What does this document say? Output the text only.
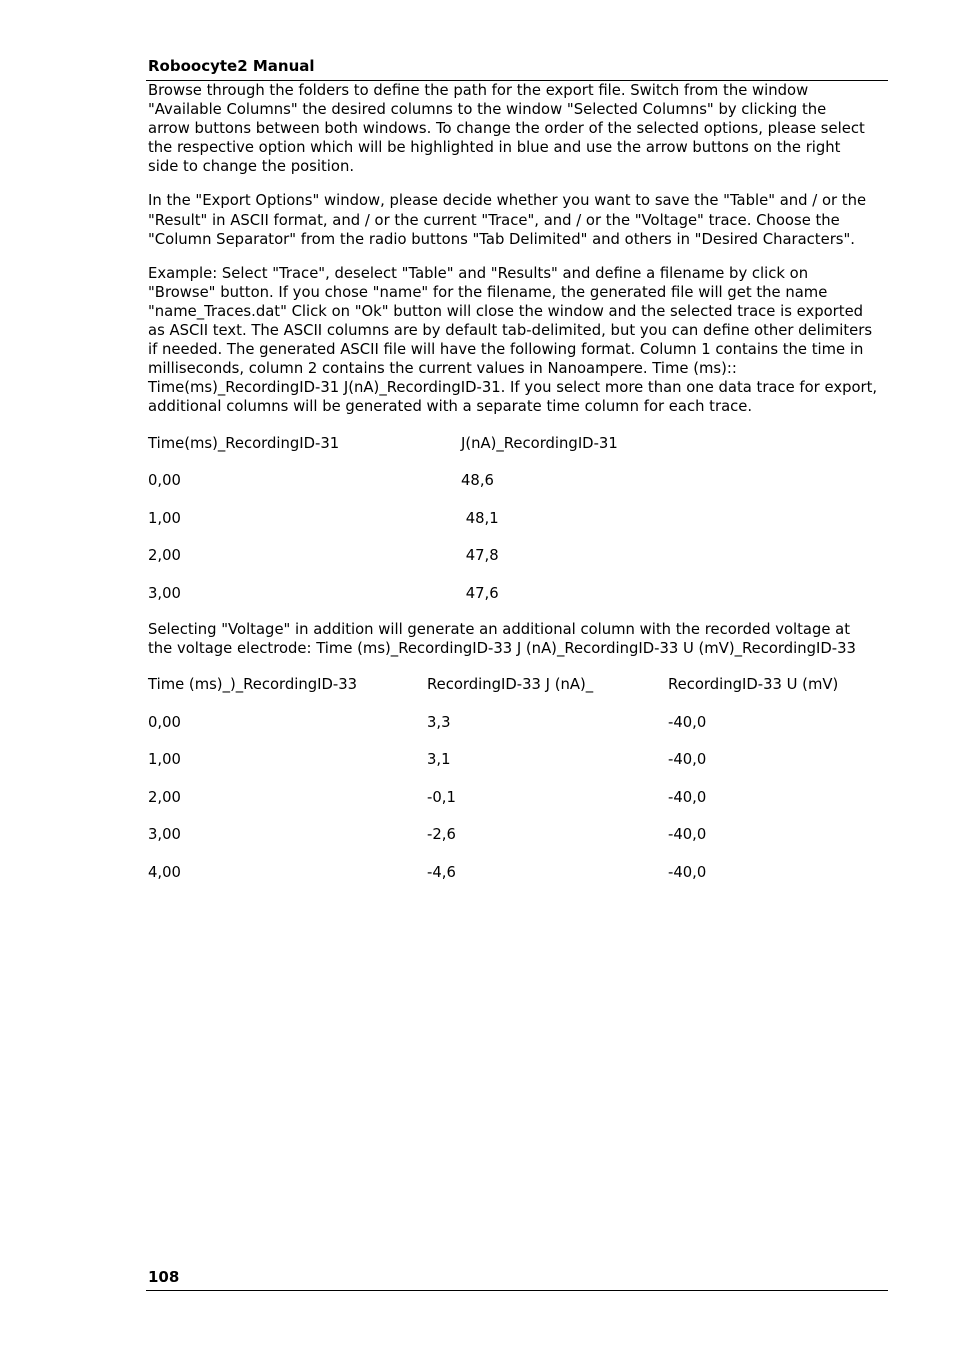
Roboocyte2 Manual

Browse through the folders to define the path for the export file. Switch from the window
"Available Columns" the desired columns to the window "Selected Columns" by clicking the
arrow buttons between both windows. To change the order of the selected options, please select
the respective option which will be highlighted in blue and use the arrow buttons on the right
side to change the position.

In the "Export Options" window, please decide whether you want to save the "Table" and / or the
"Result" in ASCII format, and / or the current "Trace", and / or the "Voltage" trace. Choose the
"Column Separator" from the radio buttons "Tab Delimited" and others in "Desired Characters".

Example: Select "Trace", deselect "Table" and "Results" and define a filename by click on
"Browse" button. If you chose "name" for the filename, the generated file will get the name
"name_Traces.dat" Click on "Ok" button will close the window and the selected trace is exported
as ASCII text. The ASCII columns are by default tab-delimited, but you can define other delimiters
if needed. The generated ASCII file will have the following format. Column 1 contains the time in
milliseconds, column 2 contains the current values in Nanoampere. Time (ms)::
Time(ms)_RecordingID-31 J(nA)_RecordingID-31. If you select more than one data trace for export,
additional columns will be generated with a separate time column for each trace.

Time(ms)_RecordingID-31	J(nA)_RecordingID-31
0,00	48,6
1,00	48,1
2,00	47,8
3,00	47,6

Selecting "Voltage" in addition will generate an additional column with the recorded voltage at
the voltage electrode: Time (ms)_RecordingID-33 J (nA)_RecordingID-33 U (mV)_RecordingID-33

Time (ms)_)_RecordingID-33	RecordingID-33 J (nA)_	RecordingID-33 U (mV)
0,00	3,3	-40,0
1,00	3,1	-40,0
2,00	-0,1	-40,0
3,00	-2,6	-40,0
4,00	-4,6	-40,0
108
